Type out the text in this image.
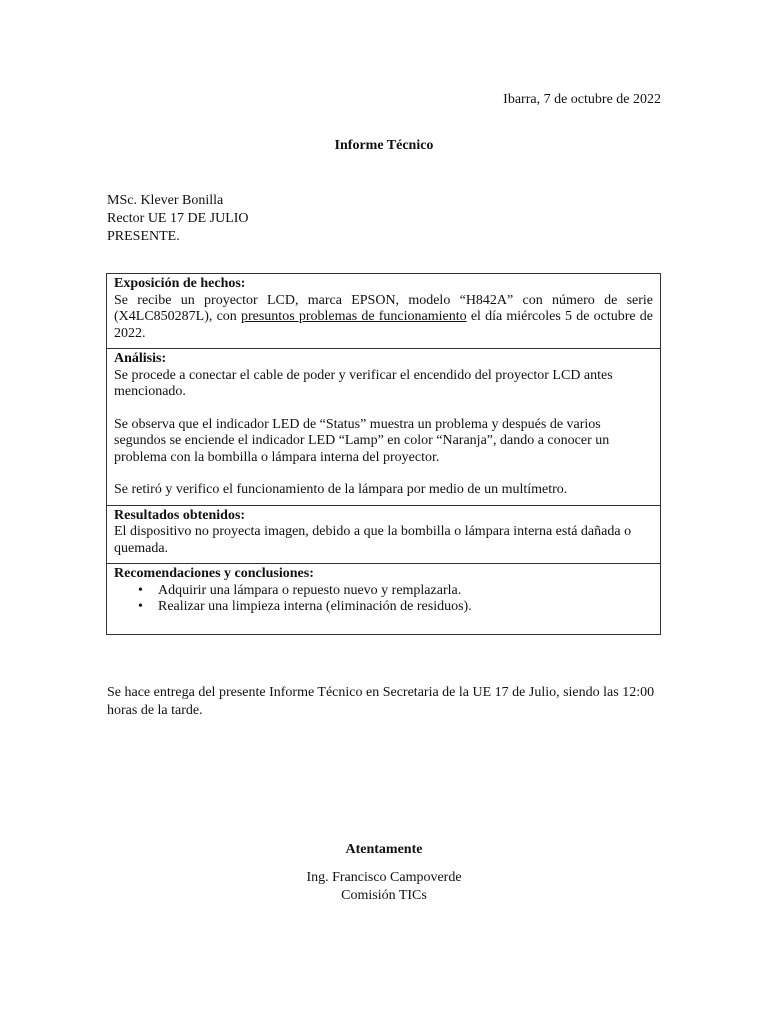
Ibarra, 7 de octubre de 2022
Informe Técnico
MSc. Klever Bonilla
Rector UE 17 DE JULIO
PRESENTE.
Exposición de hechos:
Se recibe un proyector LCD, marca EPSON, modelo “H842A” con número de serie (X4LC850287L), con presuntos problemas de funcionamiento el día miércoles 5 de octubre de 2022.
Análisis:

Se procede a conectar el cable de poder y verificar el encendido del proyector LCD antes mencionado.

Se observa que el indicador LED de “Status” muestra un problema y después de varios segundos se enciende el indicador LED “Lamp” en color “Naranja”, dando a conocer un problema con la bombilla o lámpara interna del proyector.

Se retiró y verifico el funcionamiento de la lámpara por medio de un multímetro.

Resultados obtenidos:
El dispositivo no proyecta imagen, debido a que la bombilla o lámpara interna está dañada o quemada.
Recomendaciones y conclusiones:
• Adquirir una lámpara o repuesto nuevo y remplazarla.
• Realizar una limpieza interna (eliminación de residuos).
Se hace entrega del presente Informe Técnico en Secretaria de la UE 17 de Julio, siendo las 12:00 horas de la tarde.
Atentamente
Ing. Francisco Campoverde
Comisión TICs
